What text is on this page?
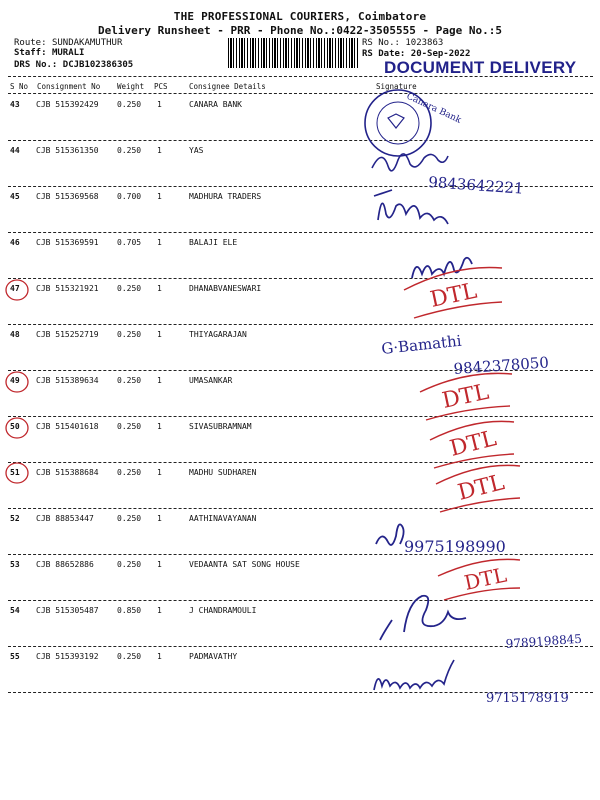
THE PROFESSIONAL COURIERS, Coimbatore
Delivery Runsheet - PRR - Phone No.:0422-3505555 - Page No.:5
Route: SUNDAKAMUTHUR
Staff: MURALI
DRS No.: DCJB102386305
RS No.: 1023863
RS Date: 20-Sep-2022
DOCUMENT DELIVERY
S No Consignment No Weight PCS	Consignee Details	Signature
43 CJB 515392429 0.250 1	CANARA BANK
44 CJB 515361350 0.250 1	YAS
45 CJB 515369568 0.700 1	MADHURA TRADERS
46 CJB 515369591 0.705 1	BALAJI ELE
47 CJB 515321921 0.250 1	DHANABVANESWARI
48 CJB 515252719 0.250 1	THIYAGARAJAN
49 CJB 515389634 0.250 1	UMASANKAR
50 CJB 515401618 0.250 1	SIVASUBRAMNAM
51 CJB 515388684 0.250 1	MADHU SUDHAREN
52 CJB 88853447	0.250 1	AATHINAVAYANAN
53 CJB 88652886	0.250 1	VEDAANTA SAT SONG HOUSE
54 CJB 515305487 0.850 1	J CHANDRAMOULI
55 CJB 515393192 0.250 1	PADMAVATHY
Canara Bank
9843642221
DTL
G·Bamathi
9842378050
DTL
DTL
DTL
9975198990
DTL
9789198845
9715178919
